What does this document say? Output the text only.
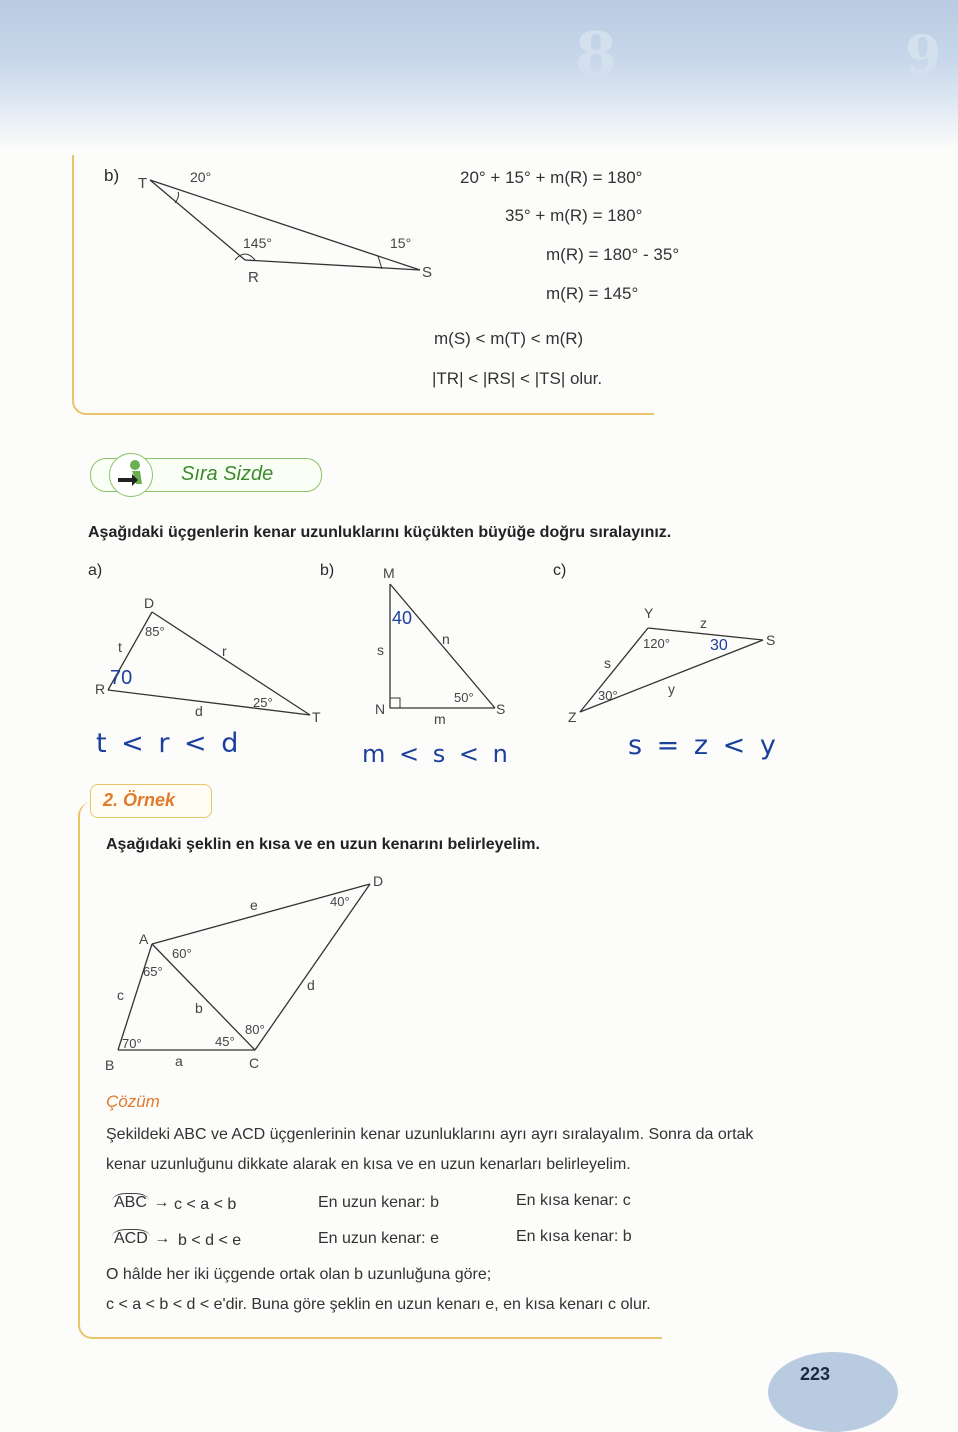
8	9
b) T	20°
145°
R
15°
S
20° + 15° + m(R) = 180°
35° + m(R) = 180°
m(R) = 180° - 35°
m(R) = 145°
m(S) < m(T) < m(R)
|TR| < |RS| < |TS| olur.
Sıra Sizde
Aşağıdaki üçgenlerin kenar uzunluklarını küçükten büyüğe doğru sıralayınız.
a)
D
85°
t	r
R
d
25°
T
70
t < r < d
b)	M
s
n
N
m
50°
S
40
m < s < n
c)
Y
120°
z
S
s
y
30°
Z
30
s = z < y
2. Örnek
Aşağıdaki şeklin en kısa ve en uzun kenarını belirleyelim.
A
B	C
D
a
b
c
d
e
60°
65°
70°	45°
80°
40°
Çözüm
Şekildeki ABC ve ACD üçgenlerinin kenar uzunluklarını ayrı ayrı sıralayalım. Sonra da ortak
kenar uzunluğunu dikkate alarak en kısa ve en uzun kenarları belirleyelim.
ABC → c < a < b	En uzun kenar: b	En kısa kenar: c
ACD → b < d < e	En uzun kenar: e	En kısa kenar: b
O hâlde her iki üçgende ortak olan b uzunluğuna göre;
c < a < b < d < e'dir. Buna göre şeklin en uzun kenarı e, en kısa kenarı c olur.
223
